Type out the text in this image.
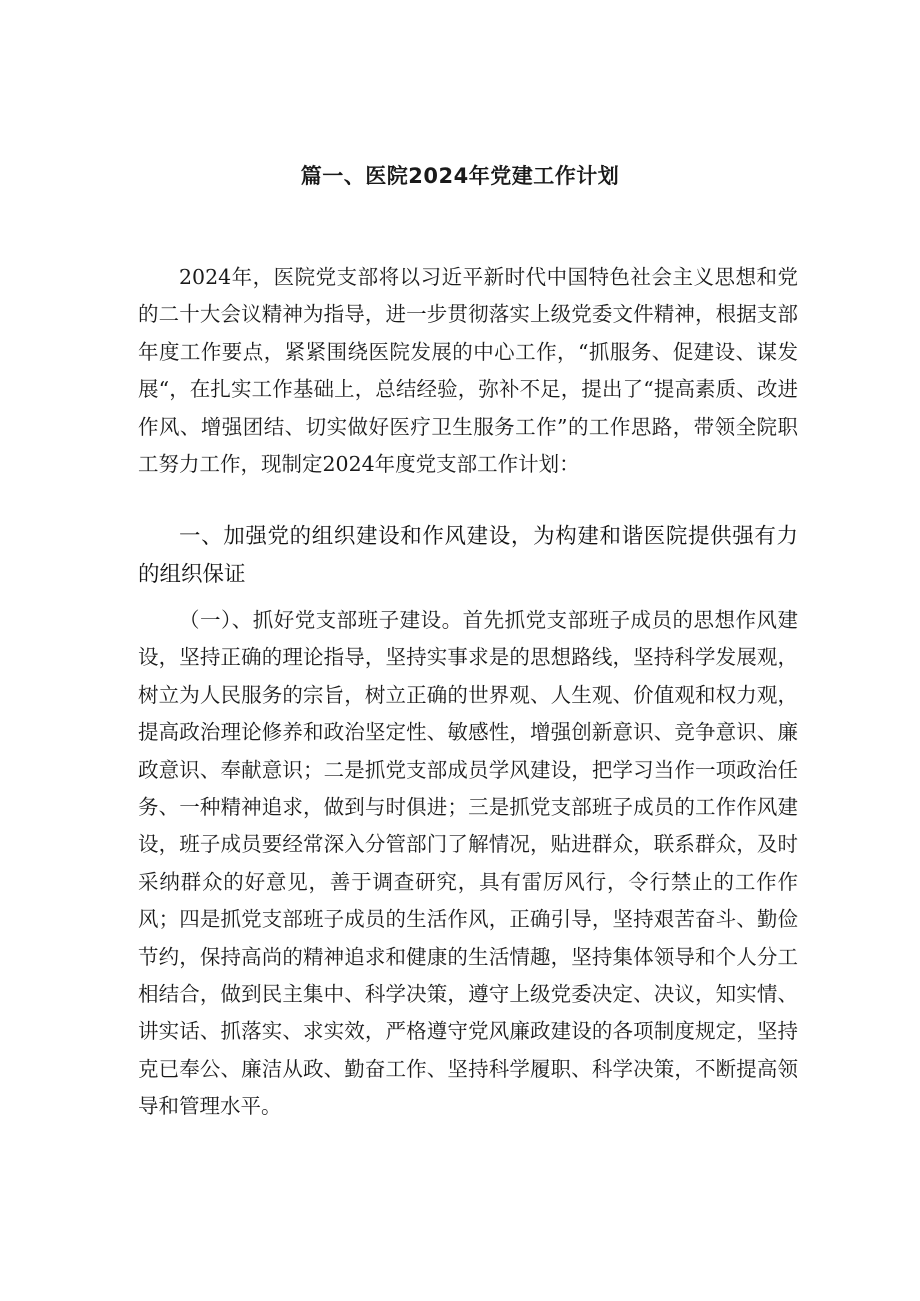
篇一、医院2024年党建工作计划

2024年，医院党支部将以习近平新时代中国特色社会主义思想和党的二十大会议精神为指导，进一步贯彻落实上级党委文件精神，根据支部年度工作要点，紧紧围绕医院发展的中心工作，“抓服务、促建设、谋发展“，在扎实工作基础上，总结经验，弥补不足，提出了“提高素质、改进作风、增强团结、切实做好医疗卫生服务工作”的工作思路，带领全院职工努力工作，现制定2024年度党支部工作计划：

一、加强党的组织建设和作风建设，为构建和谐医院提供强有力的组织保证

（一）、抓好党支部班子建设。首先抓党支部班子成员的思想作风建设，坚持正确的理论指导，坚持实事求是的思想路线，坚持科学发展观，树立为人民服务的宗旨，树立正确的世界观、人生观、价值观和权力观，提高政治理论修养和政治坚定性、敏感性，增强创新意识、竞争意识、廉政意识、奉献意识；二是抓党支部成员学风建设，把学习当作一项政治任务、一种精神追求，做到与时俱进；三是抓党支部班子成员的工作作风建设，班子成员要经常深入分管部门了解情况，贴进群众，联系群众，及时采纳群众的好意见，善于调查研究，具有雷厉风行，令行禁止的工作作风；四是抓党支部班子成员的生活作风，正确引导，坚持艰苦奋斗、勤俭节约，保持高尚的精神追求和健康的生活情趣，坚持集体领导和个人分工相结合，做到民主集中、科学决策，遵守上级党委决定、决议，知实情、讲实话、抓落实、求实效，严格遵守党风廉政建设的各项制度规定，坚持克已奉公、廉洁从政、勤奋工作、坚持科学履职、科学决策，不断提高领导和管理水平。
